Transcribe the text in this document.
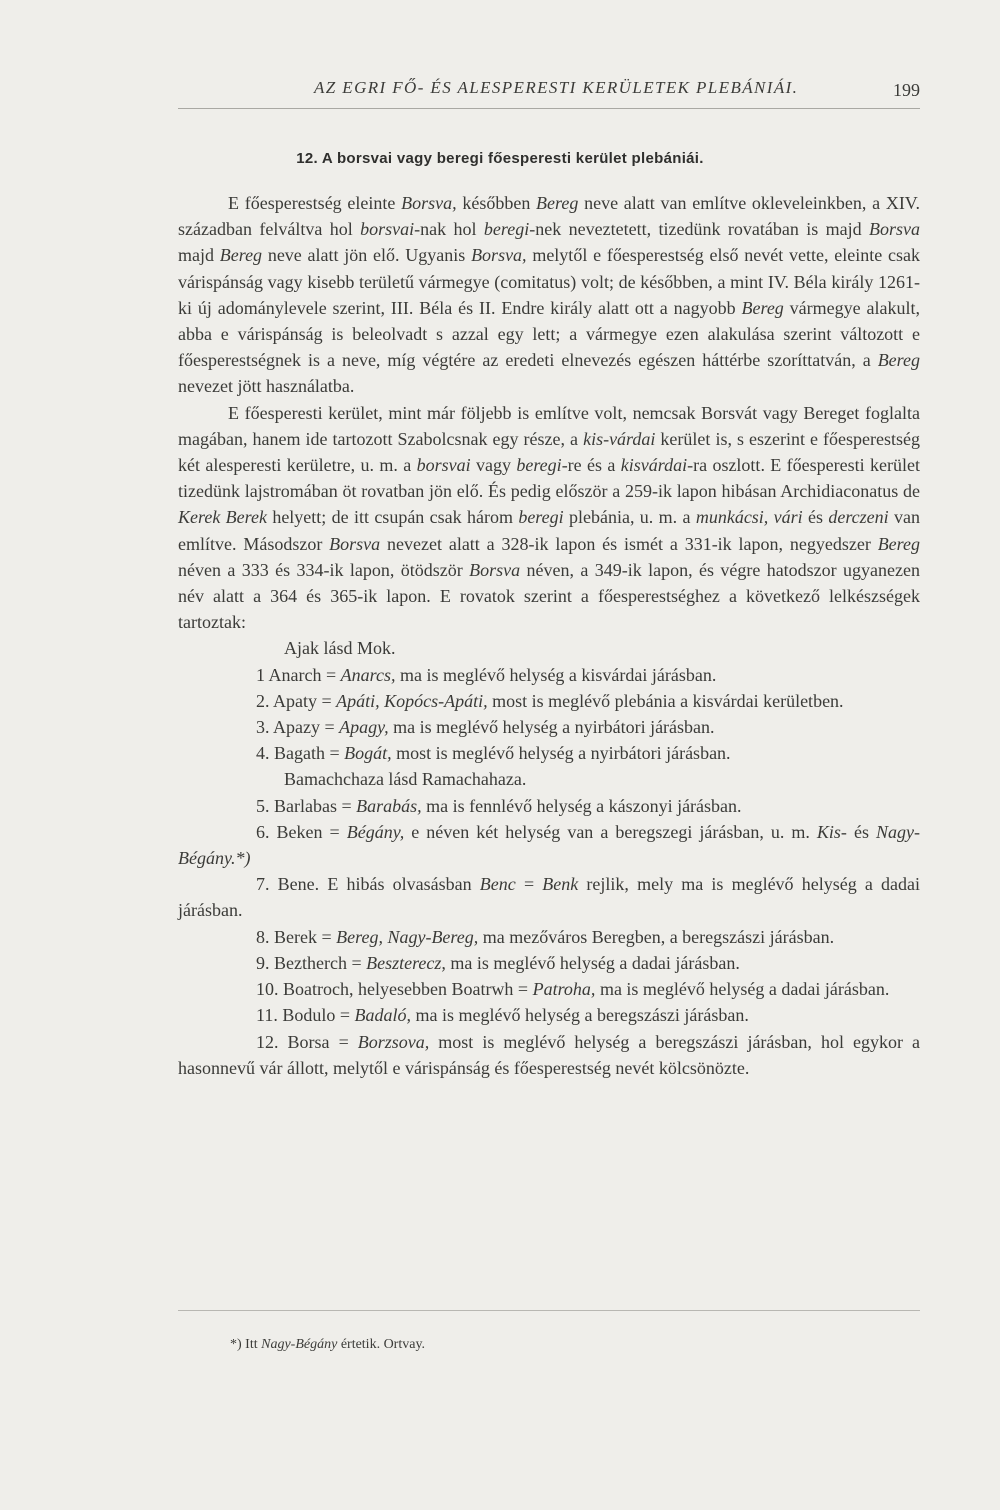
AZ EGRI FŐ- ÉS ALESPERESTI KERÜLETEK PLEBÁNIÁI.	199
12. A borsvai vagy beregi főesperesti kerület plebániái.

E főesperestség eleinte Borsva, későbben Bereg neve alatt van említve okleveleinkben, a XIV. században felváltva hol borsvai-nak hol beregi-nek neveztetett, tizedünk rovatában is majd Borsva majd Bereg neve alatt jön elő. Ugyanis Borsva, melytől e főesperestség első nevét vette, eleinte csak várispánság vagy kisebb területű vármegye (comitatus) volt; de későbben, a mint IV. Béla király 1261-ki új adománylevele szerint, III. Béla és II. Endre király alatt ott a nagyobb Bereg vármegye alakult, abba e várispánság is beleolvadt s azzal egy lett; a vármegye ezen alakulása szerint változott e főesperestségnek is a neve, míg végtére az eredeti elnevezés egészen háttérbe szoríttatván, a Bereg nevezet jött használatba.

E főesperesti kerület, mint már följebb is említve volt, nemcsak Borsvát vagy Bereget foglalta magában, hanem ide tartozott Szabolcsnak egy része, a kis-várdai kerület is, s eszerint e főesperestség két alesperesti kerületre, u. m. a borsvai vagy beregi-re és a kisvárdai-ra oszlott. E főesperesti kerület tizedünk lajstromában öt rovatban jön elő. És pedig először a 259-ik lapon hibásan Archidiaconatus de Kerek Berek helyett; de itt csupán csak három beregi plebánia, u. m. a munkácsi, vári és derczeni van említve. Másodszor Borsva nevezet alatt a 328-ik lapon és ismét a 331-ik lapon, negyedszer Bereg néven a 333 és 334-ik lapon, ötödször Borsva néven, a 349-ik lapon, és végre hatodszor ugyanezen név alatt a 364 és 365-ik lapon. E rovatok szerint a főesperestséghez a következő lelkészségek tartoztak:

Ajak lásd Mok.

1 Anarch = Anarcs, ma is meglévő helység a kisvárdai járásban.

2. Apaty = Apáti, Kopócs-Apáti, most is meglévő plebánia a kisvárdai kerületben.

3. Apazy = Apagy, ma is meglévő helység a nyirbátori járásban.

4. Bagath = Bogát, most is meglévő helység a nyirbátori járásban.

Bamachchaza lásd Ramachahaza.

5. Barlabas = Barabás, ma is fennlévő helység a kászonyi járásban.

6. Beken = Bégány, e néven két helység van a beregszegi járásban, u. m. Kis- és Nagy-Bégány.*)

7. Bene. E hibás olvasásban Benc = Benk rejlik, mely ma is meglévő helység a dadai járásban.

8. Berek = Bereg, Nagy-Bereg, ma mezőváros Beregben, a beregszászi járásban.

9. Beztherch = Beszterecz, ma is meglévő helység a dadai járásban.

10. Boatroch, helyesebben Boatrwh = Patroha, ma is meglévő helység a dadai járásban.

11. Bodulo = Badaló, ma is meglévő helység a beregszászi járásban.

12. Borsa = Borzsova, most is meglévő helység a beregszászi járásban, hol egykor a hasonnevű vár állott, melytől e várispánság és főesperestség nevét kölcsönözte.

*) Itt Nagy-Bégány értetik. Ortvay.
